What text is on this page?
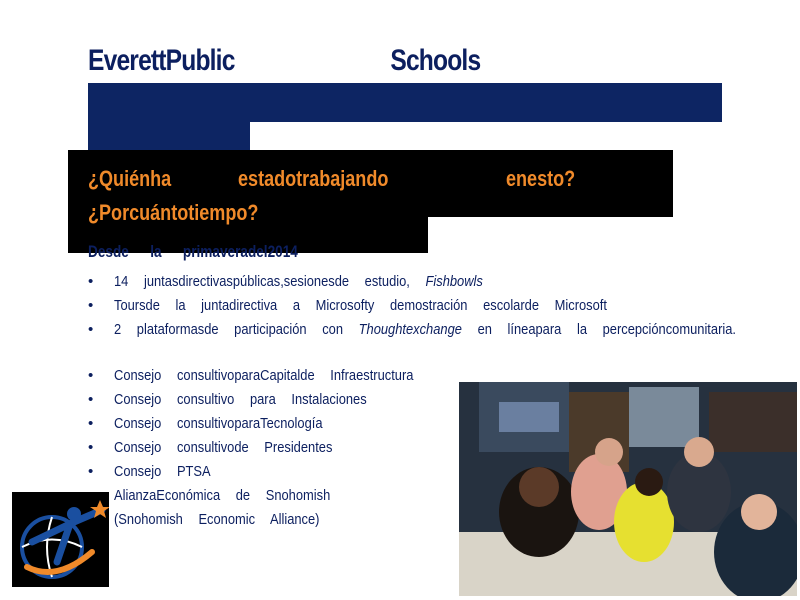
EverettPublic	Schools
¿Quiénha	estadotrabajando	enesto?
¿Porcuántotiempo?
Desde la primaveradel2014
• 14 juntasdirectivaspúblicas,sesionesde estudio, Fishbowls
• Toursde la juntadirectiva a Microsofty demostración escolarde Microsoft
• 2 plataformasde participación con Thoughtexchange en líneapara la percepcióncomunitaria.
• Consejo consultivoparaCapitalde Infraestructura
• Consejo consultivo para Instalaciones
• Consejo consultivoparaTecnología
• Consejo consultivode Presidentes
• Consejo PTSA
AlianzaEconómica de Snohomish (Snohomish Economic Alliance)
